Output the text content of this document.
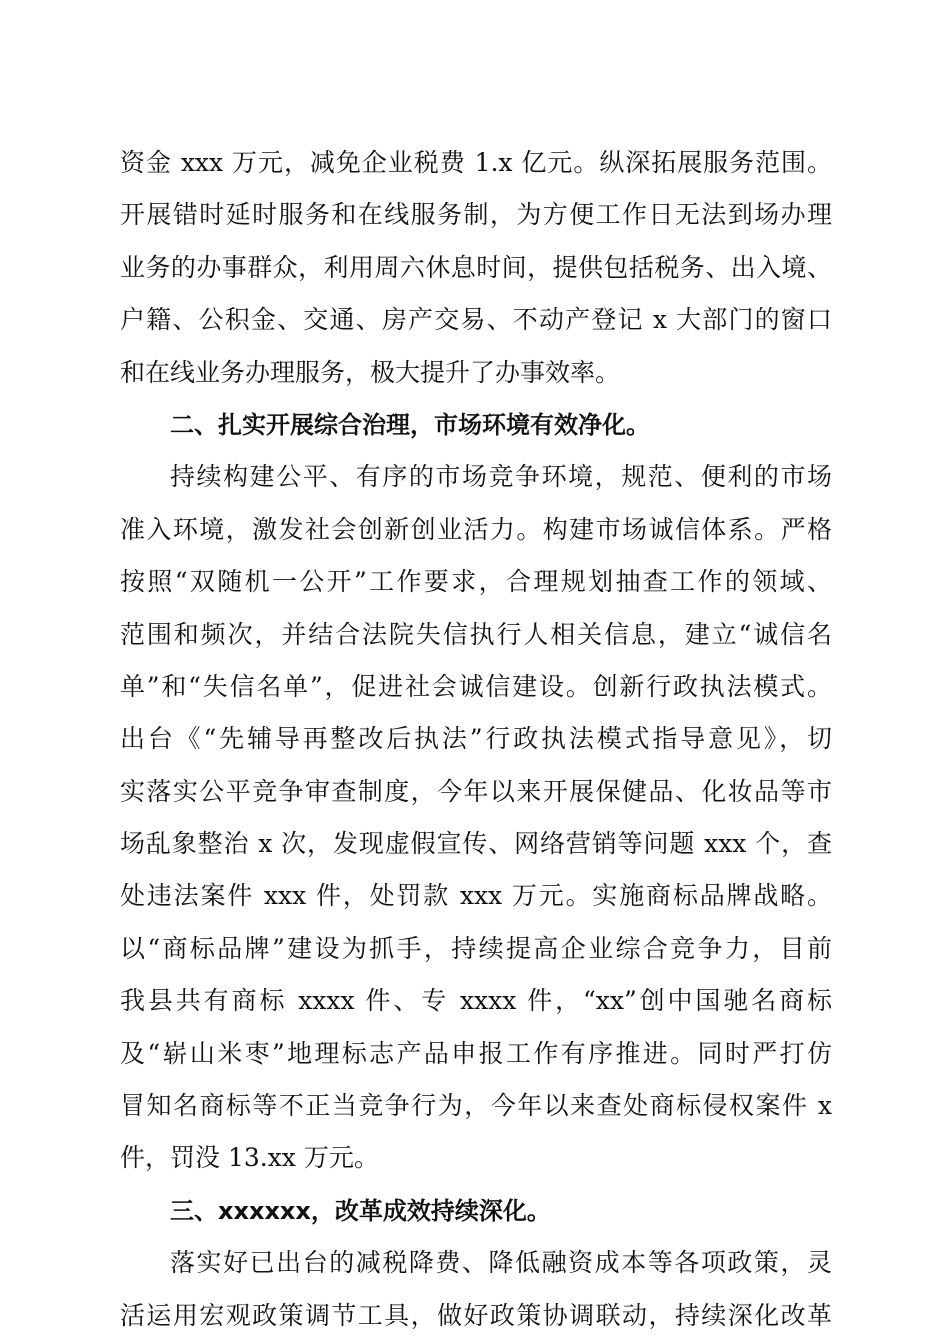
资金 xxx 万元，减免企业税费 1.x 亿元。纵深拓展服务范围。
开展错时延时服务和在线服务制，为方便工作日无法到场办理
业务的办事群众，利用周六休息时间，提供包括税务、出入境、
户籍、公积金、交通、房产交易、不动产登记 x 大部门的窗口
和在线业务办理服务，极大提升了办事效率。
二、扎实开展综合治理，市场环境有效净化。
持续构建公平、有序的市场竞争环境，规范、便利的市场
准入环境，激发社会创新创业活力。构建市场诚信体系。严格
按照“双随机一公开”工作要求，合理规划抽查工作的领域、
范围和频次，并结合法院失信执行人相关信息，建立“诚信名
单”和“失信名单”，促进社会诚信建设。创新行政执法模式。
出台《“先辅导再整改后执法”行政执法模式指导意见》，切
实落实公平竞争审查制度，今年以来开展保健品、化妆品等市
场乱象整治 x 次，发现虚假宣传、网络营销等问题 xxx 个，查
处违法案件 xxx 件，处罚款 xxx 万元。实施商标品牌战略。
以“商标品牌”建设为抓手，持续提高企业综合竞争力，目前
我县共有商标 xxxx 件、专 xxxx 件，“xx”创中国驰名商标
及“崭山米枣”地理标志产品申报工作有序推进。同时严打仿
冒知名商标等不正当竞争行为，今年以来查处商标侵权案件 x
件，罚没 13.xx 万元。
三、xxxxxx，改革成效持续深化。
落实好已出台的减税降费、降低融资成本等各项政策，灵
活运用宏观政策调节工具，做好政策协调联动，持续深化改革
